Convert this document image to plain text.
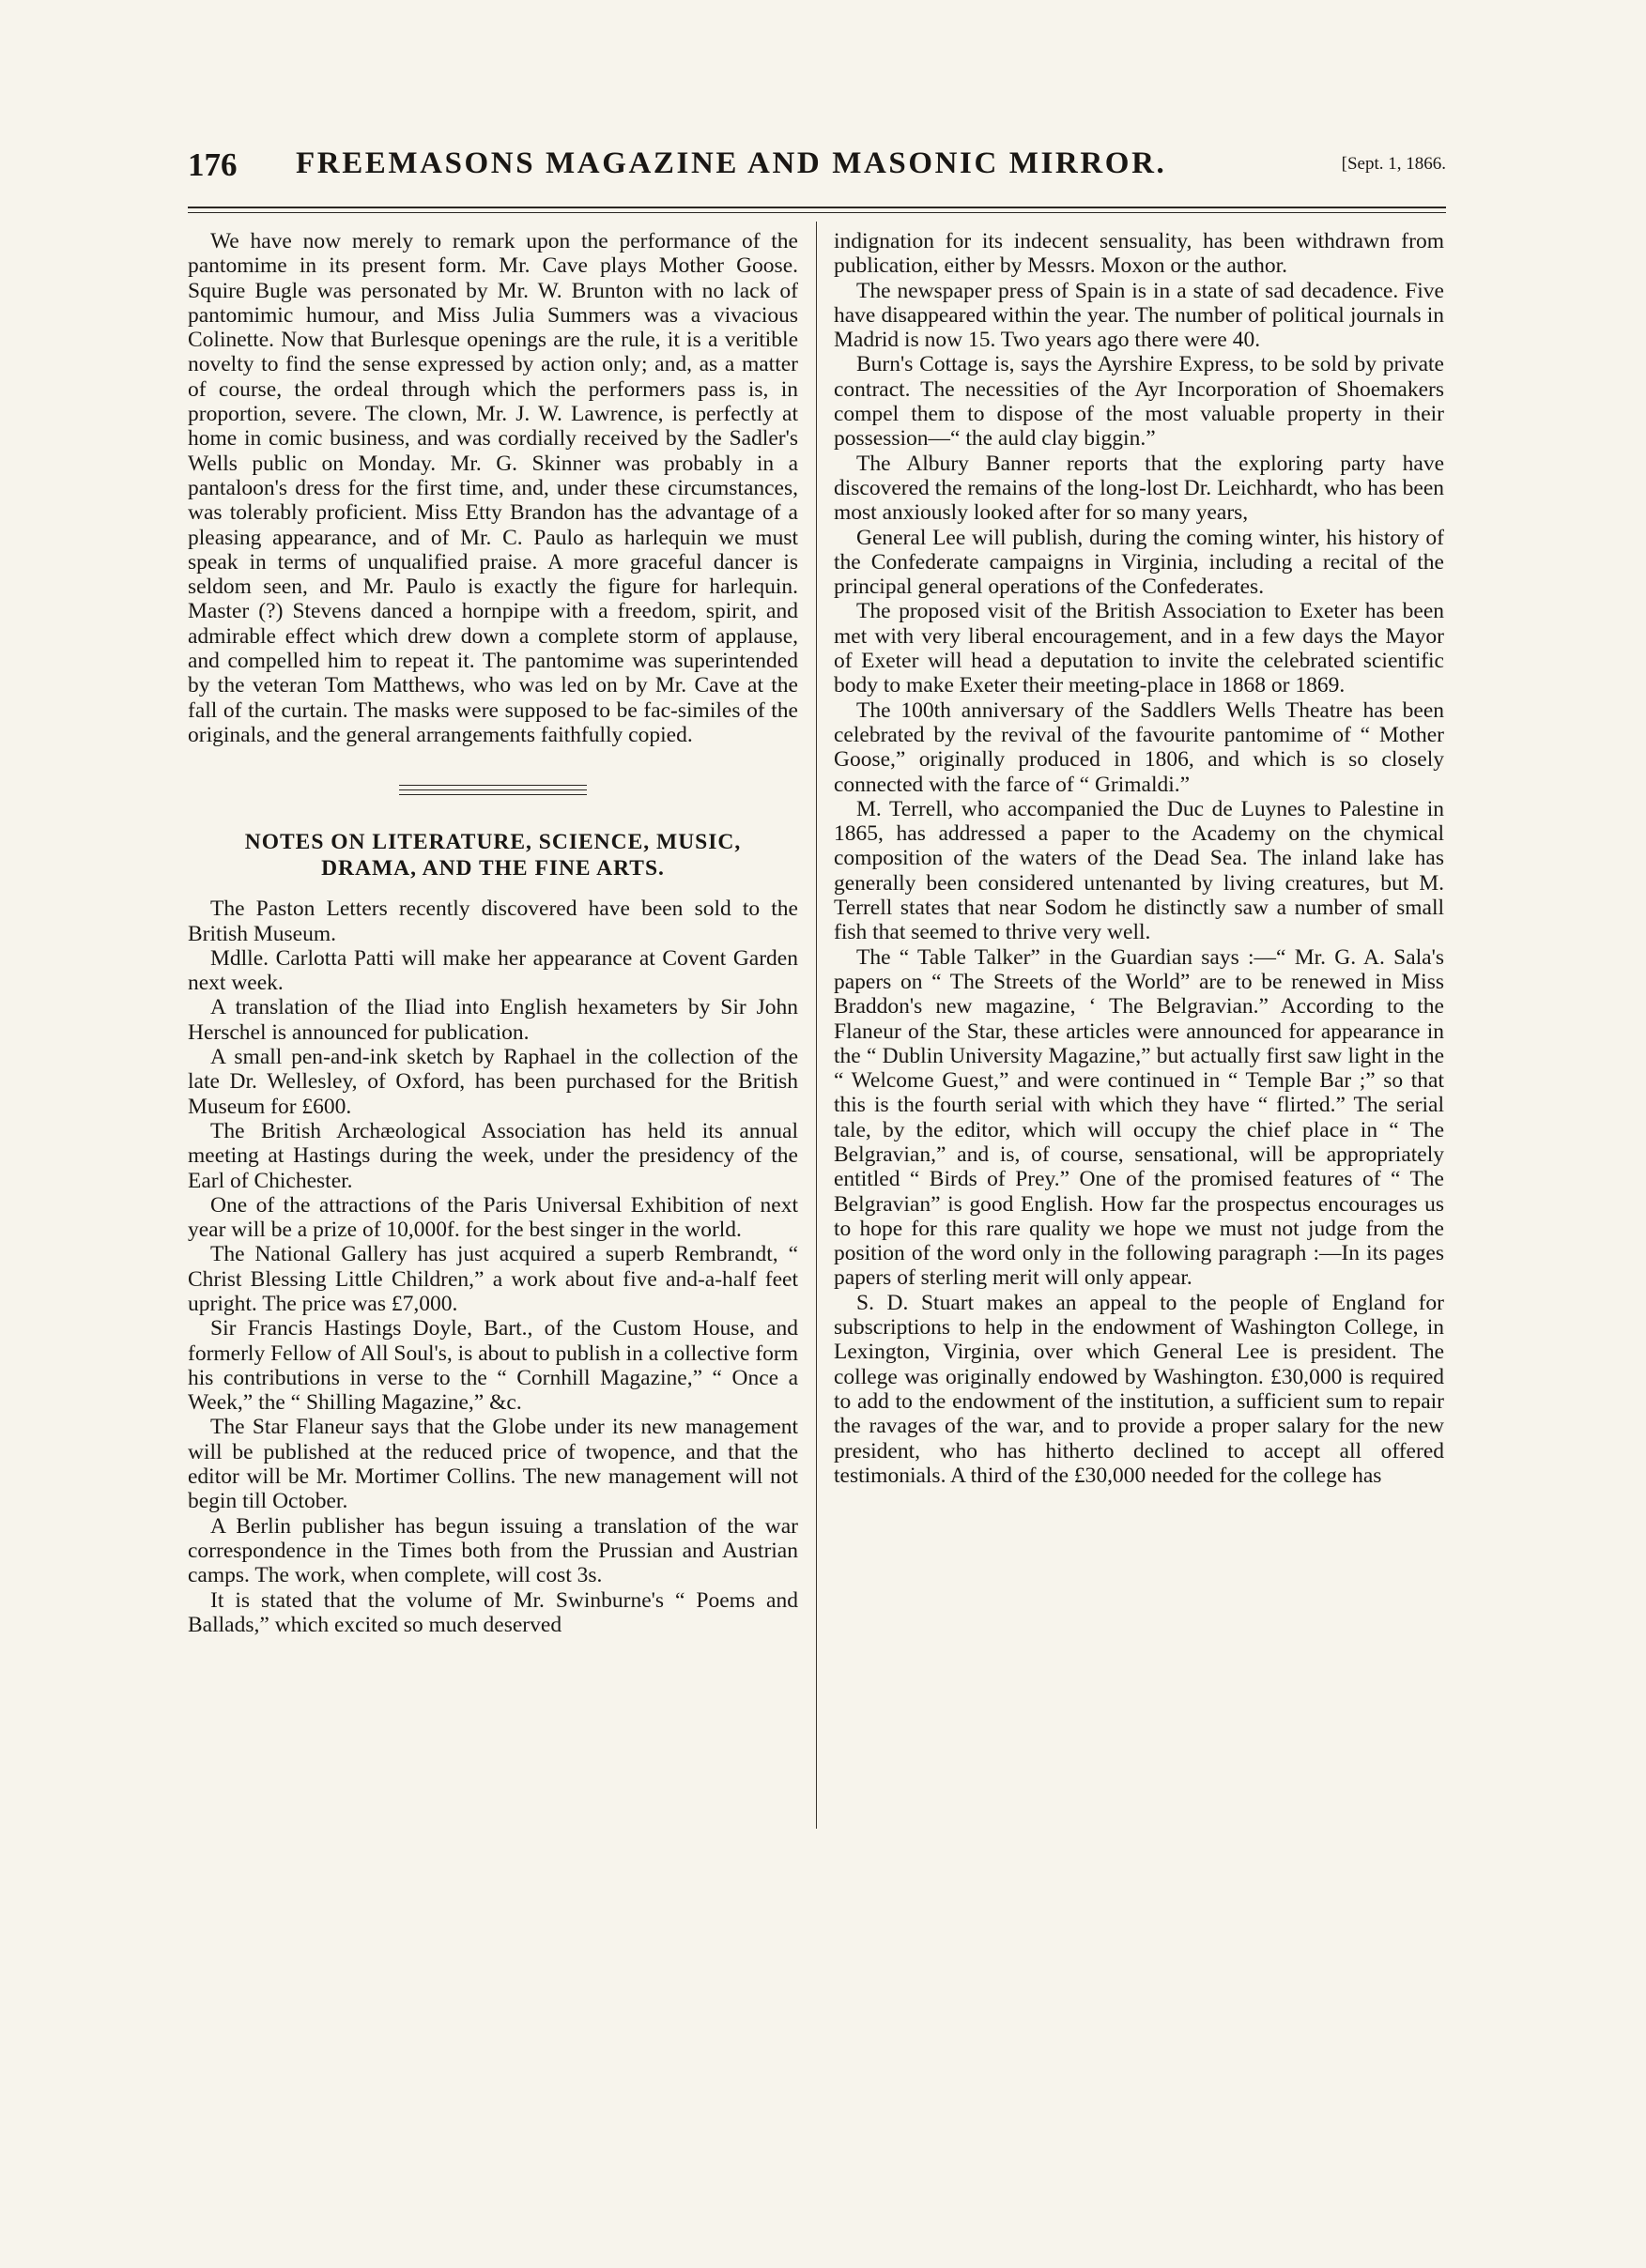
176 FREEMASONS MAGAZINE AND MASONIC MIRROR.	[Sept. 1, 1866.

We have now merely to remark upon the performance of the pantomime in its present form. Mr. Cave plays Mother Goose. Squire Bugle was personated by Mr. W. Brunton with no lack of pantomimic humour, and Miss Julia Summers was a vivacious Colinette. Now that Burlesque openings are the rule, it is a veritible novelty to find the sense expressed by action only; and, as a matter of course, the ordeal through which the performers pass is, in proportion, severe. The clown, Mr. J. W. Lawrence, is perfectly at home in comic business, and was cordially received by the Sadler's Wells public on Monday. Mr. G. Skinner was probably in a pantaloon's dress for the first time, and, under these circumstances, was tolerably proficient. Miss Etty Brandon has the advantage of a pleasing appearance, and of Mr. C. Paulo as harlequin we must speak in terms of unqualified praise. A more graceful dancer is seldom seen, and Mr. Paulo is exactly the figure for harlequin. Master (?) Stevens danced a hornpipe with a freedom, spirit, and admirable effect which drew down a complete storm of applause, and compelled him to repeat it. The pantomime was superintended by the veteran Tom Matthews, who was led on by Mr. Cave at the fall of the curtain. The masks were supposed to be fac-similes of the originals, and the general arrangements faithfully copied.

NOTES ON LITERATURE, SCIENCE, MUSIC, DRAMA, AND THE FINE ARTS.

The Paston Letters recently discovered have been sold to the British Museum.

Mdlle. Carlotta Patti will make her appearance at Covent Garden next week.

A translation of the Iliad into English hexameters by Sir John Herschel is announced for publication.

A small pen-and-ink sketch by Raphael in the collection of the late Dr. Wellesley, of Oxford, has been purchased for the British Museum for £600.

The British Archæological Association has held its annual meeting at Hastings during the week, under the presidency of the Earl of Chichester.

One of the attractions of the Paris Universal Exhibition of next year will be a prize of 10,000f. for the best singer in the world.

The National Gallery has just acquired a superb Rembrandt, “ Christ Blessing Little Children,” a work about five and-a-half feet upright. The price was £7,000.

Sir Francis Hastings Doyle, Bart., of the Custom House, and formerly Fellow of All Soul's, is about to publish in a collective form his contributions in verse to the “ Cornhill Magazine,” “ Once a Week,” the “ Shilling Magazine,” &c.

The Star Flaneur says that the Globe under its new management will be published at the reduced price of twopence, and that the editor will be Mr. Mortimer Collins. The new management will not begin till October.

A Berlin publisher has begun issuing a translation of the war correspondence in the Times both from the Prussian and Austrian camps. The work, when complete, will cost 3s.

It is stated that the volume of Mr. Swinburne's “ Poems and Ballads,” which excited so much deserved

indignation for its indecent sensuality, has been withdrawn from publication, either by Messrs. Moxon or the author.

The newspaper press of Spain is in a state of sad decadence. Five have disappeared within the year. The number of political journals in Madrid is now 15. Two years ago there were 40.

Burn's Cottage is, says the Ayrshire Express, to be sold by private contract. The necessities of the Ayr Incorporation of Shoemakers compel them to dispose of the most valuable property in their possession—“ the auld clay biggin.”

The Albury Banner reports that the exploring party have discovered the remains of the long-lost Dr. Leichhardt, who has been most anxiously looked after for so many years,

General Lee will publish, during the coming winter, his history of the Confederate campaigns in Virginia, including a recital of the principal general operations of the Confederates.

The proposed visit of the British Association to Exeter has been met with very liberal encouragement, and in a few days the Mayor of Exeter will head a deputation to invite the celebrated scientific body to make Exeter their meeting-place in 1868 or 1869.

The 100th anniversary of the Saddlers Wells Theatre has been celebrated by the revival of the favourite pantomime of “ Mother Goose,” originally produced in 1806, and which is so closely connected with the farce of “ Grimaldi.”

M. Terrell, who accompanied the Duc de Luynes to Palestine in 1865, has addressed a paper to the Academy on the chymical composition of the waters of the Dead Sea. The inland lake has generally been considered untenanted by living creatures, but M. Terrell states that near Sodom he distinctly saw a number of small fish that seemed to thrive very well.

The “ Table Talker” in the Guardian says :—“ Mr. G. A. Sala's papers on “ The Streets of the World” are to be renewed in Miss Braddon's new magazine, ‘ The Belgravian.” According to the Flaneur of the Star, these articles were announced for appearance in the “ Dublin University Magazine,” but actually first saw light in the “ Welcome Guest,” and were continued in “ Temple Bar ;” so that this is the fourth serial with which they have “ flirted.” The serial tale, by the editor, which will occupy the chief place in “ The Belgravian,” and is, of course, sensational, will be appropriately entitled “ Birds of Prey.” One of the promised features of “ The Belgravian” is good English. How far the prospectus encourages us to hope for this rare quality we hope we must not judge from the position of the word only in the following paragraph :—In its pages papers of sterling merit will only appear.

S. D. Stuart makes an appeal to the people of England for subscriptions to help in the endowment of Washington College, in Lexington, Virginia, over which General Lee is president. The college was originally endowed by Washington. £30,000 is required to add to the endowment of the institution, a sufficient sum to repair the ravages of the war, and to provide a proper salary for the new president, who has hitherto declined to accept all offered testimonials. A third of the £30,000 needed for the college has
